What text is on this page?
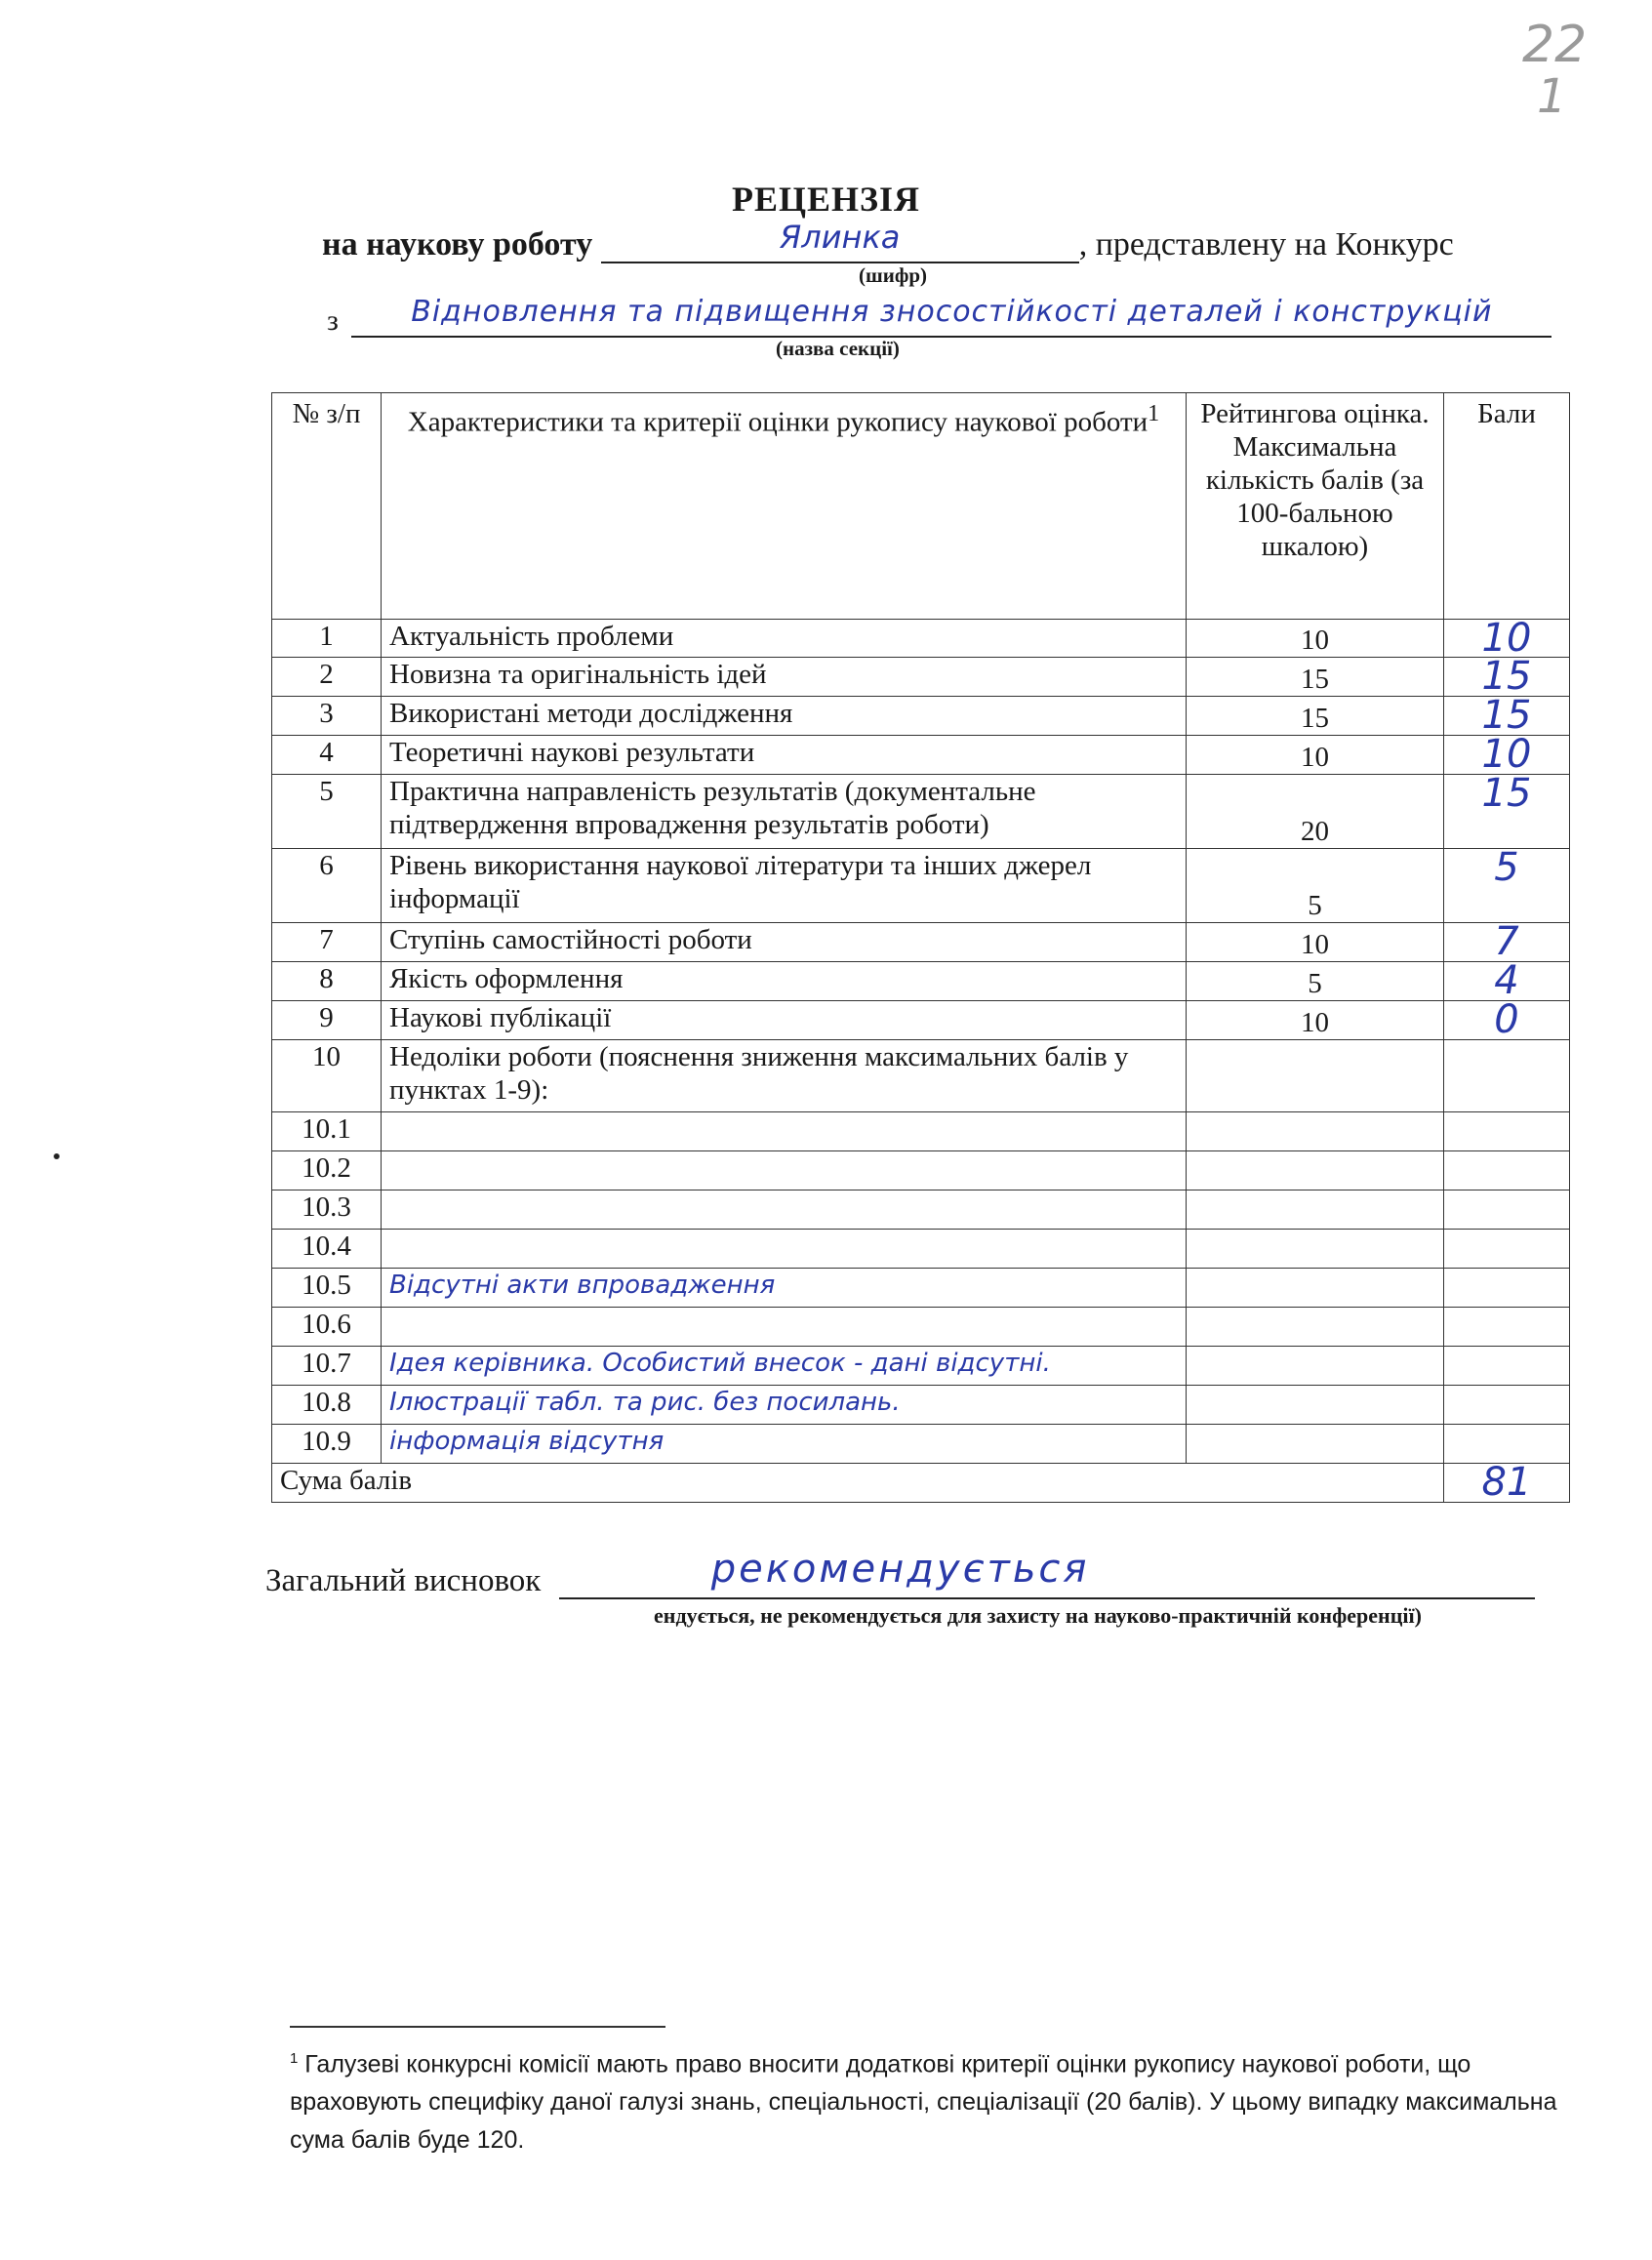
22
1
РЕЦЕНЗІЯ
на наукову роботу	Ялинка	, представлену на Конкурс
(шифр)
з	Відновлення та підвищення зносостійкості деталей і конструкцій
(назва секції)
№ з/п	Характеристики та критерії оцінки рукопису наукової роботи$^1$	Рейтингова оцінка. Максимальна кількість балів (за 100-бальною шкалою)	Бали
1	Актуальність проблеми	10	10
2	Новизна та оригінальність ідей	15	15
3	Використані методи дослідження	15	15
4	Теоретичні наукові результати	10	10
5	Практична направленість результатів (документальне підтвердження впровадження результатів роботи)	20	15
6	Рівень використання наукової літератури та інших джерел інформації	5	5
7	Ступінь самостійності роботи	10	7
8	Якість оформлення	5	4
9	Наукові публікації	10	0
10	Недоліки роботи (пояснення зниження максимальних балів у пунктах 1-9):		
10.1			
10.2			
10.3			
10.4			
10.5	Відсутні акти впровадження		
10.6			
10.7	Ідея керівника. Особистий внесок - дані відсутні.		
10.8	Ілюстрації табл. та рис. без посилань.		
10.9	інформація відсутня		
Сума балів			81
Загальний висновок	рекомендується
ендується, не рекомендується для захисту на науково-практичній конференції)
$^1$ Галузеві конкурсні комісії мають право вносити додаткові критерії оцінки рукопису наукової роботи, що враховують специфіку даної галузі знань, спеціальності, спеціалізації (20 балів). У цьому випадку максимальна сума балів буде 120.
